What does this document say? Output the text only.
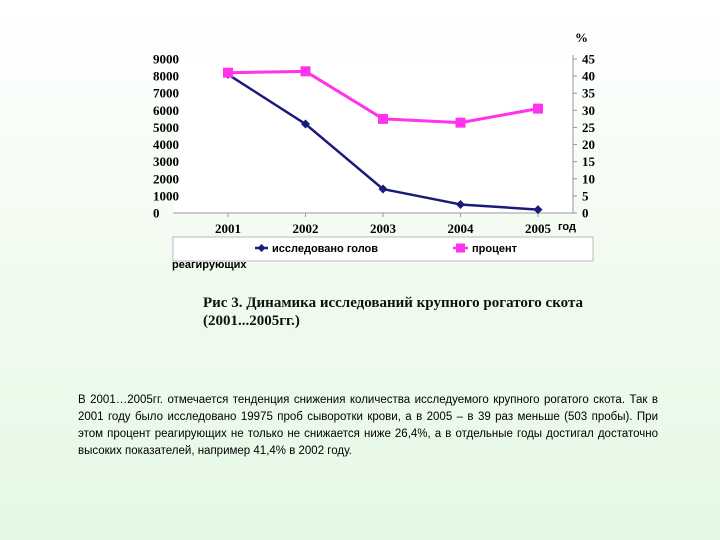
9000
8000
7000
6000
5000
4000
3000
2000
1000
0
45
40
35
30
25
20
15
10
5
0
2001	2002	2003	2004	2005
%
год
исследовано голов	процент
реагирующих

Рис 3. Динамика исследований крупного рогатого скота
(2001...2005гг.)

В 2001…2005гг. отмечается тенденция снижения количества исследуемого крупного рогатого скота. Так в 2001 году было исследовано 19975 проб сыворотки крови, а в 2005 – в 39 раз меньше (503 пробы). При этом процент реагирующих не только не снижается ниже 26,4%, а в отдельные годы достигал достаточно высоких показателей, например 41,4% в 2002 году.
